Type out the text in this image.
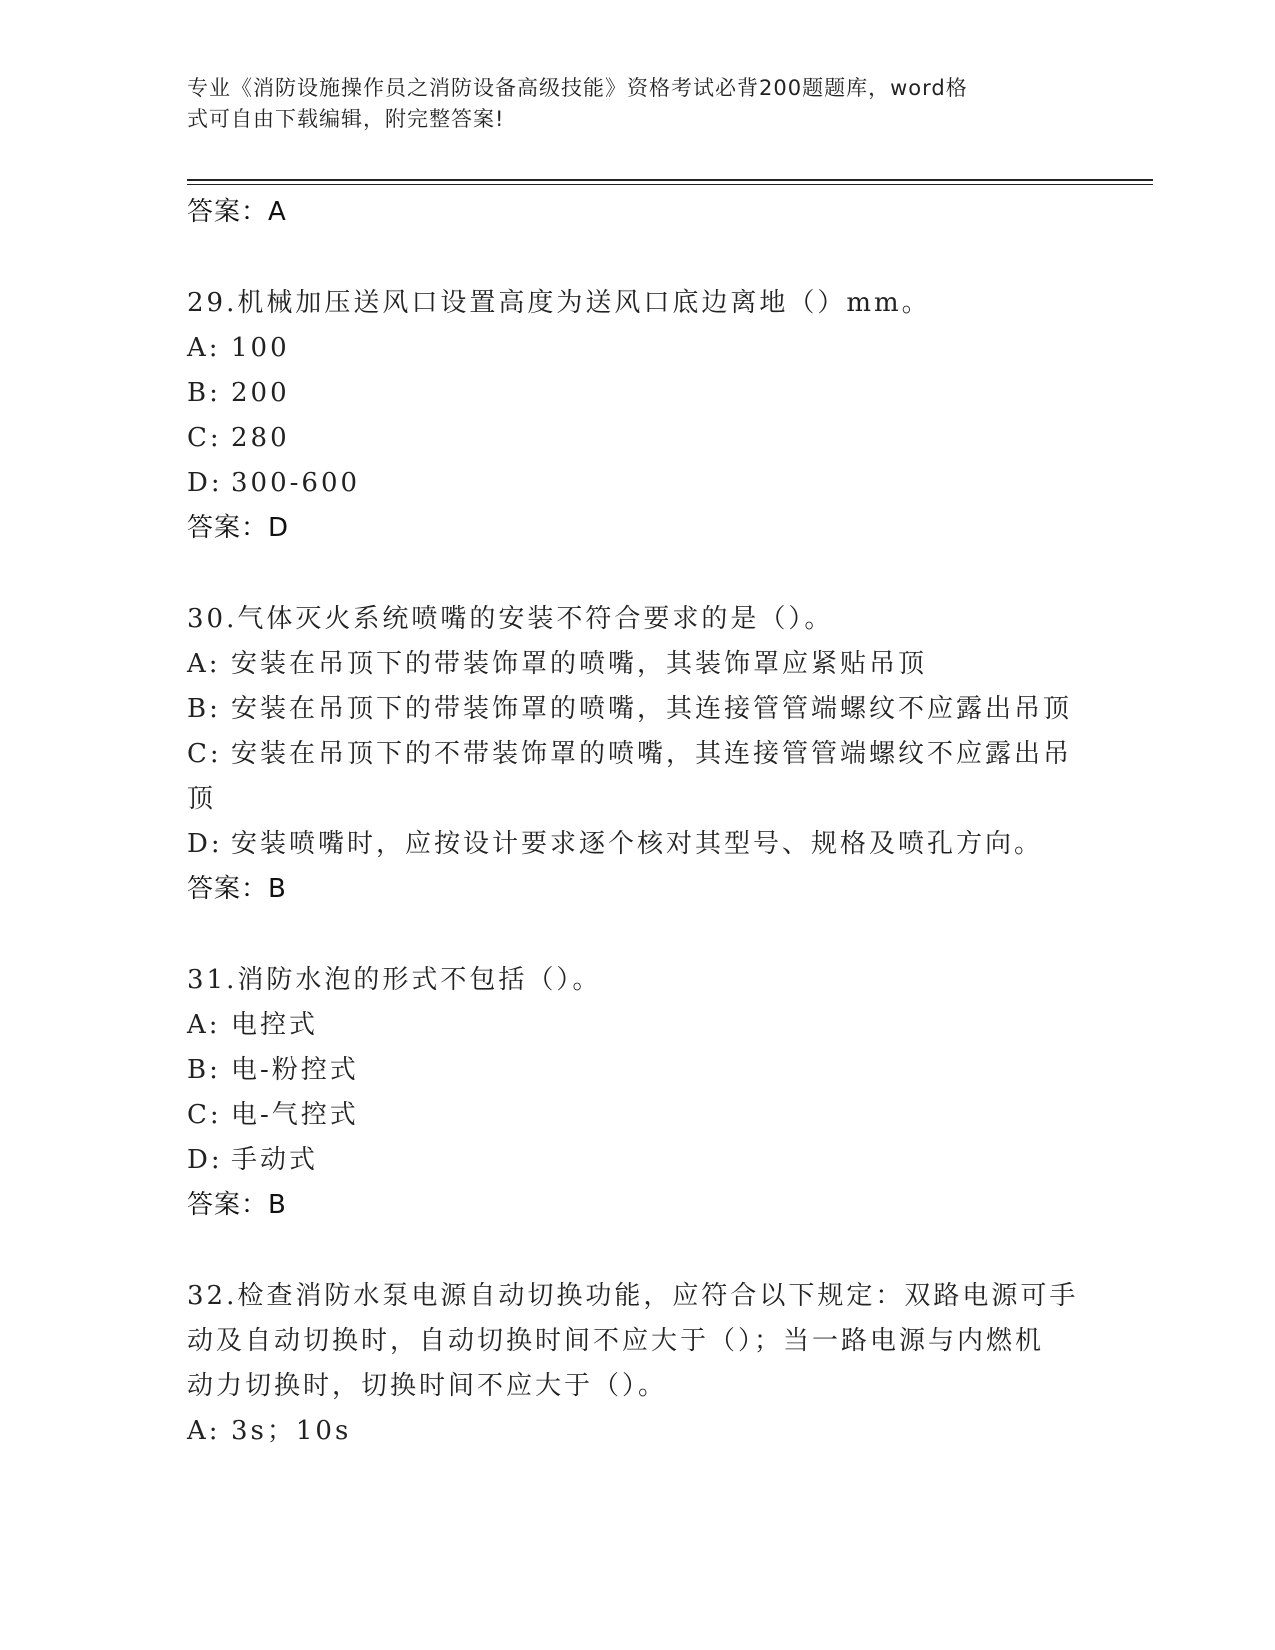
专业《消防设施操作员之消防设备高级技能》资格考试必背200题题库，word格
式可自由下载编辑，附完整答案!

答案：A

29.机械加压送风口设置高度为送风口底边离地（）mm。

A: 100

B: 200

C: 280

D: 300-600

答案：D

30.气体灭火系统喷嘴的安装不符合要求的是（）。

A: 安装在吊顶下的带装饰罩的喷嘴，其装饰罩应紧贴吊顶

B: 安装在吊顶下的带装饰罩的喷嘴，其连接管管端螺纹不应露出吊顶

C: 安装在吊顶下的不带装饰罩的喷嘴，其连接管管端螺纹不应露出吊

顶

D: 安装喷嘴时，应按设计要求逐个核对其型号、规格及喷孔方向。

答案：B

31.消防水泡的形式不包括（）。

A: 电控式

B: 电-粉控式

C: 电-气控式

D: 手动式

答案：B

32.检查消防水泵电源自动切换功能，应符合以下规定：双路电源可手

动及自动切换时，自动切换时间不应大于（）；当一路电源与内燃机

动力切换时，切换时间不应大于（）。

A: 3s；10s
